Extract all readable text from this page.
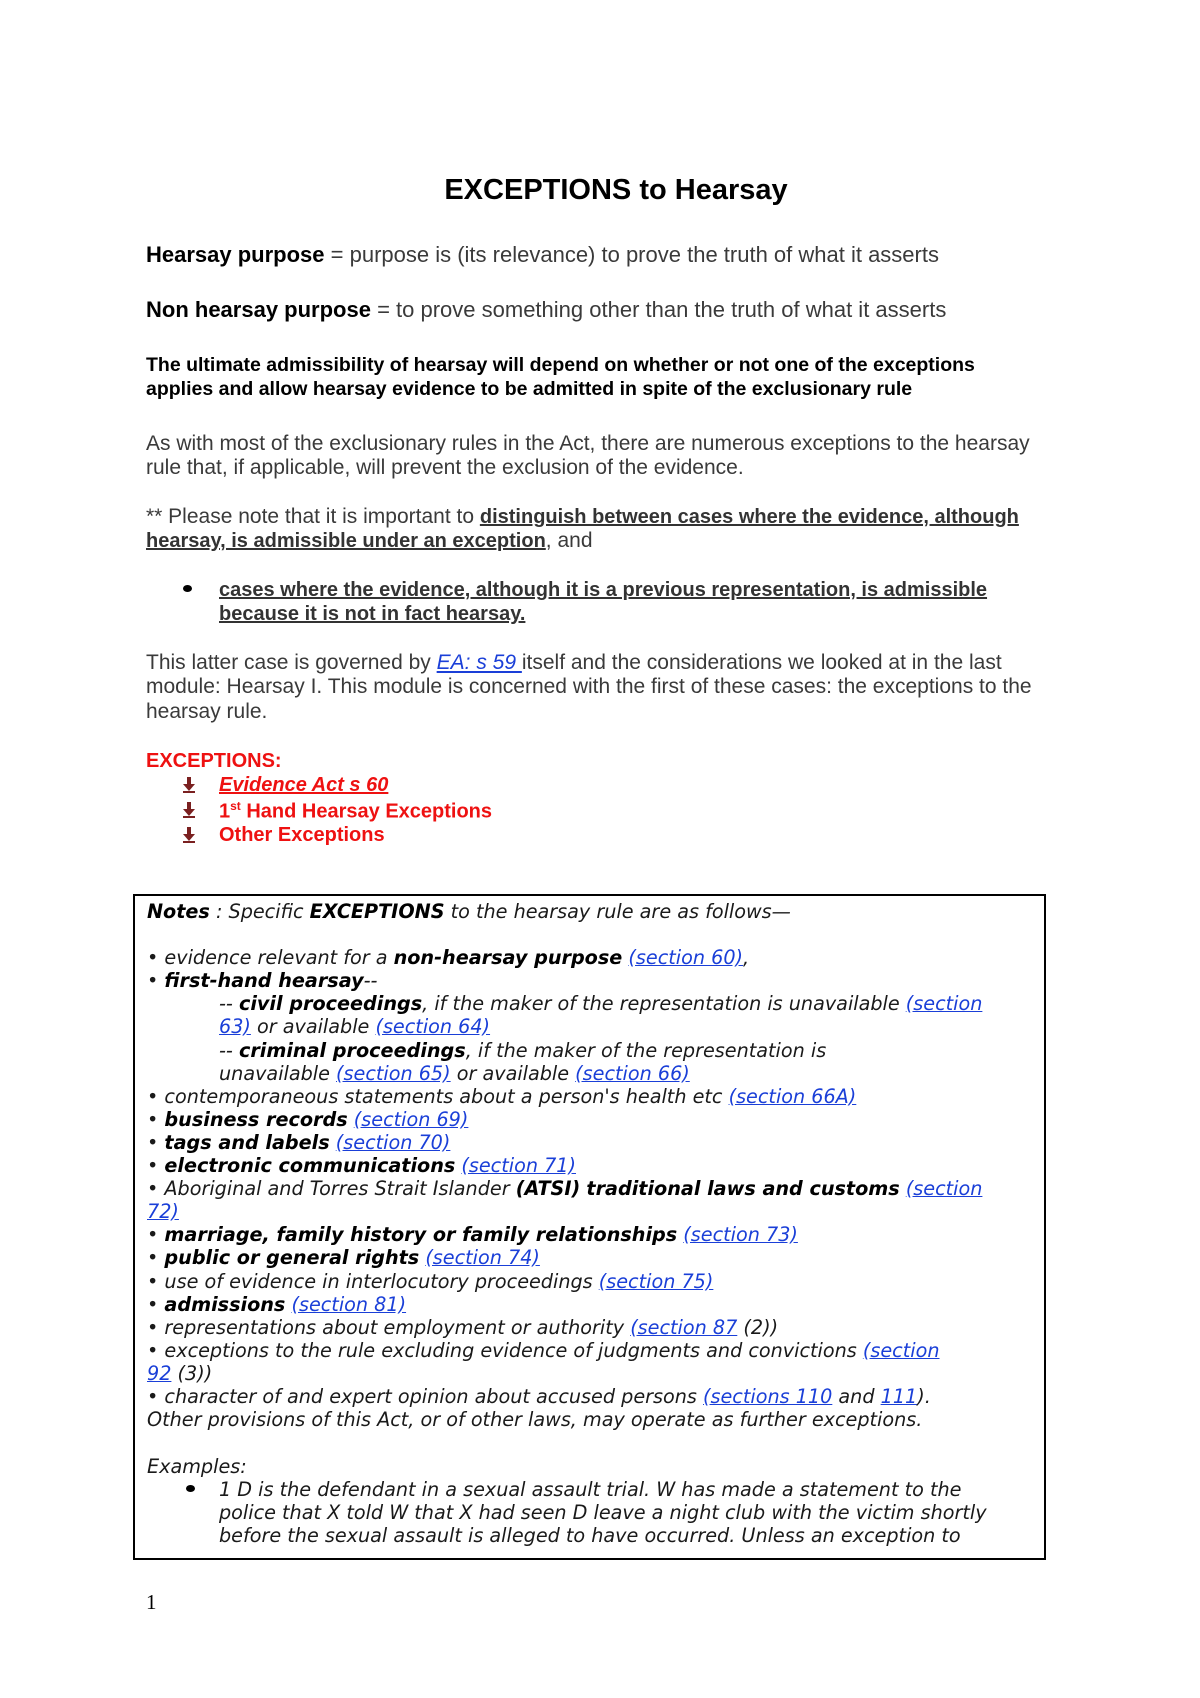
EXCEPTIONS to Hearsay
Hearsay purpose = purpose is (its relevance) to prove the truth of what it asserts
Non hearsay purpose = to prove something other than the truth of what it asserts
The ultimate admissibility of hearsay will depend on whether or not one of the exceptions
applies and allow hearsay evidence to be admitted in spite of the exclusionary rule
As with most of the exclusionary rules in the Act, there are numerous exceptions to the hearsay
rule that, if applicable, will prevent the exclusion of the evidence.
** Please note that it is important to distinguish between cases where the evidence, although
hearsay, is admissible under an exception, and
cases where the evidence, although it is a previous representation, is admissible
because it is not in fact hearsay.
This latter case is governed by EA: s 59 itself and the considerations we looked at in the last
module: Hearsay I. This module is concerned with the first of these cases: the exceptions to the
hearsay rule.
EXCEPTIONS:
Evidence Act s 60
1st Hand Hearsay Exceptions
Other Exceptions
Notes : Specific EXCEPTIONS to the hearsay rule are as follows—
• evidence relevant for a non-hearsay purpose (section 60),
• first-hand hearsay--
-- civil proceedings, if the maker of the representation is unavailable (section
63) or available (section 64)
-- criminal proceedings, if the maker of the representation is
unavailable (section 65) or available (section 66)
• contemporaneous statements about a person's health etc (section 66A)
• business records (section 69)
• tags and labels (section 70)
• electronic communications (section 71)
• Aboriginal and Torres Strait Islander (ATSI) traditional laws and customs (section
72)
• marriage, family history or family relationships (section 73)
• public or general rights (section 74)
• use of evidence in interlocutory proceedings (section 75)
• admissions (section 81)
• representations about employment or authority (section 87 (2))
• exceptions to the rule excluding evidence of judgments and convictions (section
92 (3))
• character of and expert opinion about accused persons (sections 110 and 111).
Other provisions of this Act, or of other laws, may operate as further exceptions.
Examples:
1 D is the defendant in a sexual assault trial. W has made a statement to the
police that X told W that X had seen D leave a night club with the victim shortly
before the sexual assault is alleged to have occurred. Unless an exception to
1
